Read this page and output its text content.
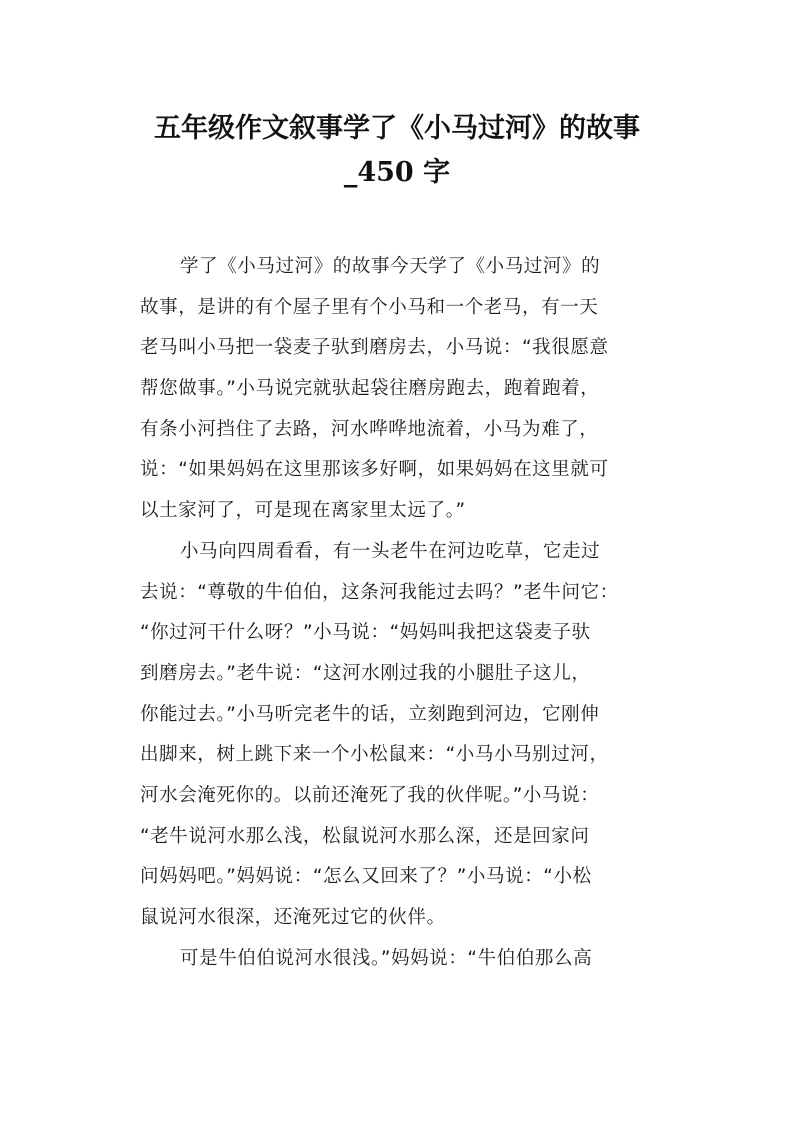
五年级作文叙事学了《小马过河》的故事
_450 字
学了《小马过河》的故事今天学了《小马过河》的
故事，是讲的有个屋子里有个小马和一个老马，有一天
老马叫小马把一袋麦子驮到磨房去，小马说：“我很愿意
帮您做事。”小马说完就驮起袋往磨房跑去，跑着跑着，
有条小河挡住了去路，河水哗哗地流着，小马为难了，
说：“如果妈妈在这里那该多好啊，如果妈妈在这里就可
以土家河了，可是现在离家里太远了。”
小马向四周看看，有一头老牛在河边吃草，它走过
去说：“尊敬的牛伯伯，这条河我能过去吗？”老牛问它：
“你过河干什么呀？”小马说：“妈妈叫我把这袋麦子驮
到磨房去。”老牛说：“这河水刚过我的小腿肚子这儿，
你能过去。”小马听完老牛的话，立刻跑到河边，它刚伸
出脚来，树上跳下来一个小松鼠来：“小马小马别过河，
河水会淹死你的。以前还淹死了我的伙伴呢。”小马说：
“老牛说河水那么浅，松鼠说河水那么深，还是回家问
问妈妈吧。”妈妈说：“怎么又回来了？”小马说：“小松
鼠说河水很深，还淹死过它的伙伴。
可是牛伯伯说河水很浅。”妈妈说：“牛伯伯那么高
